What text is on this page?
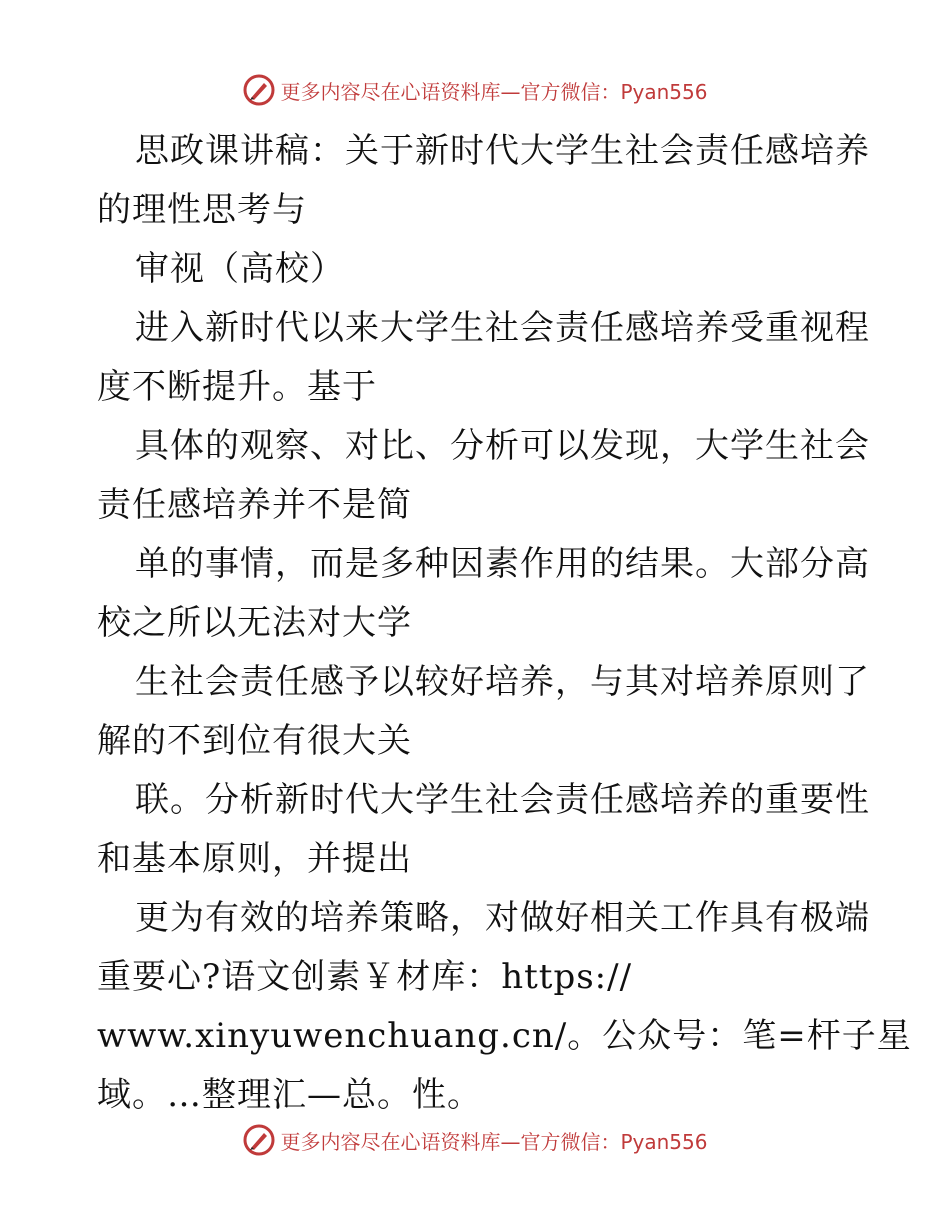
更多内容尽在心语资料库—官方微信：Pyan556
思政课讲稿：关于新时代大学生社会责任感培养
的理性思考与
审视（高校）
进入新时代以来大学生社会责任感培养受重视程
度不断提升。基于
具体的观察、对比、分析可以发现，大学生社会
责任感培养并不是简
单的事情，而是多种因素作用的结果。大部分高
校之所以无法对大学
生社会责任感予以较好培养，与其对培养原则了
解的不到位有很大关
联。分析新时代大学生社会责任感培养的重要性
和基本原则，并提出
更为有效的培养策略，对做好相关工作具有极端
重要心?语文创素￥材库：https://
www.xinyuwenchuang.cn/。公众号：笔=杆子星
域。…整理汇—总。性。
更多内容尽在心语资料库—官方微信：Pyan556
